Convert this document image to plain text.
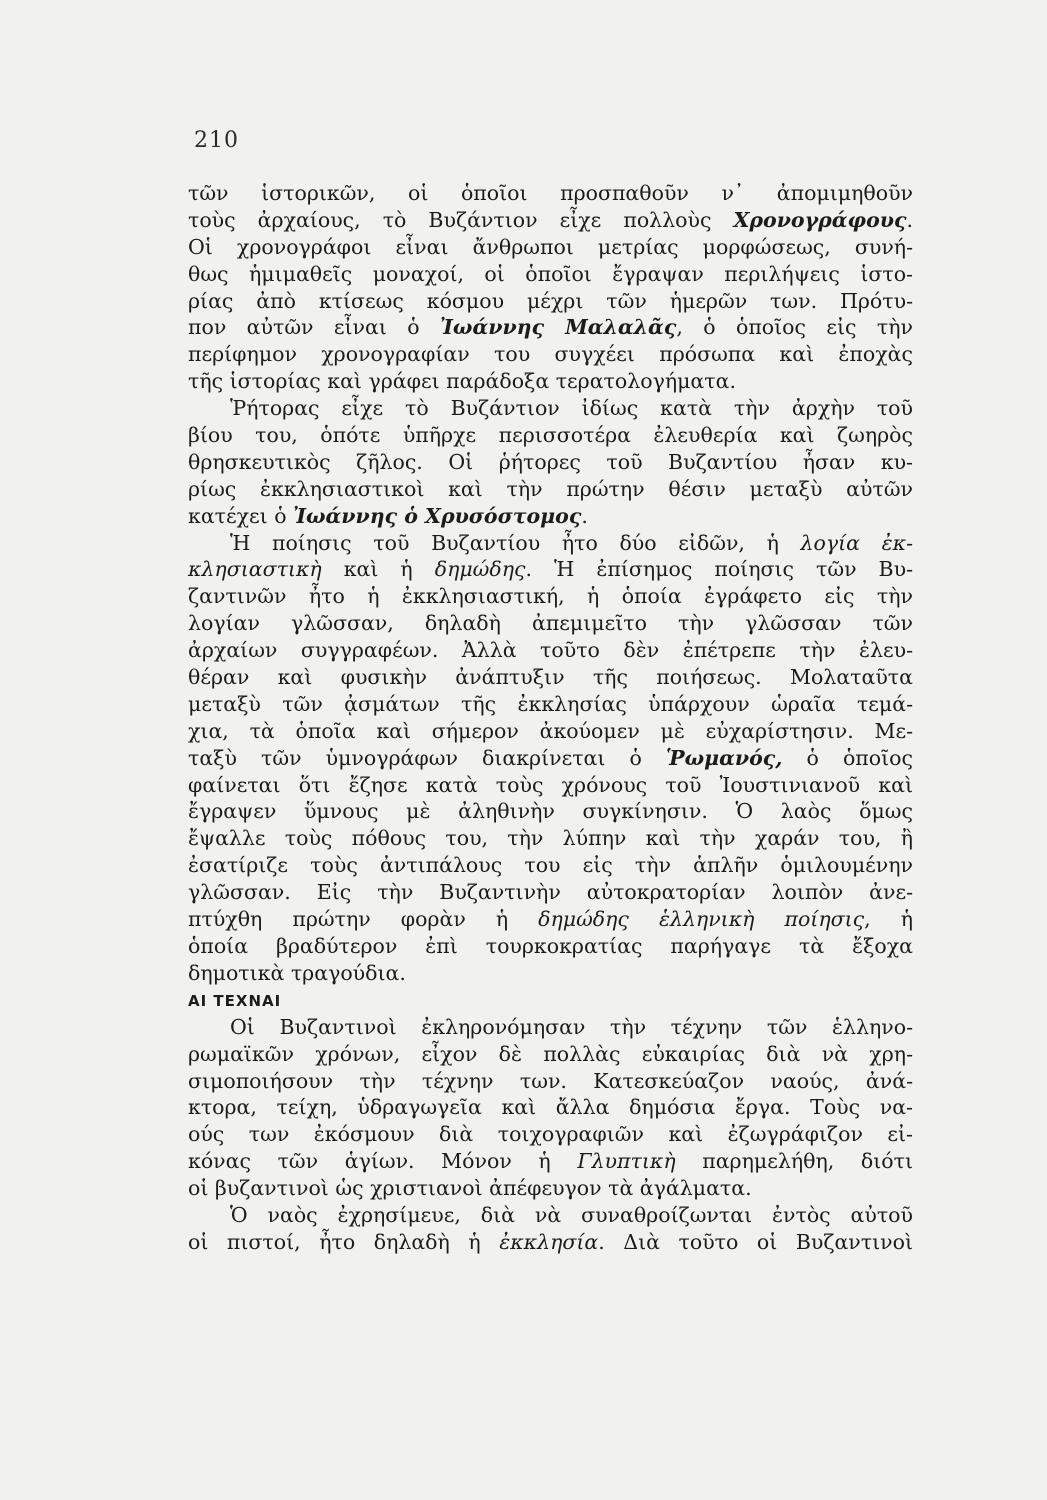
210
τῶν ἱστορικῶν, οἱ ὁποῖοι προσπαθοῦν ν᾿ ἀπομιμηθοῦν
τοὺς ἀρχαίους, τὸ Βυζάντιον εἶχε πολλοὺς Χρονογράφους.
Οἱ χρονογράφοι εἶναι ἄνθρωποι μετρίας μορφώσεως, συνή-
θως ἡμιμαθεῖς μοναχοί, οἱ ὁποῖοι ἔγραψαν περιλήψεις ἱστο-
ρίας ἀπὸ κτίσεως κόσμου μέχρι τῶν ἡμερῶν των. Πρότυ-
πον αὐτῶν εἶναι ὁ Ἰωάννης Μαλαλᾶς, ὁ ὁποῖος εἰς τὴν
περίφημον χρονογραφίαν του συγχέει πρόσωπα καὶ ἐποχὰς
τῆς ἱστορίας καὶ γράφει παράδοξα τερατολογήματα.
Ῥήτορας εἶχε τὸ Βυζάντιον ἰδίως κατὰ τὴν ἀρχὴν τοῦ
βίου του, ὁπότε ὑπῆρχε περισσοτέρα ἐλευθερία καὶ ζωηρὸς
θρησκευτικὸς ζῆλος. Οἱ ῥήτορες τοῦ Βυζαντίου ἦσαν κυ-
ρίως ἐκκλησιαστικοὶ καὶ τὴν πρώτην θέσιν μεταξὺ αὐτῶν
κατέχει ὁ Ἰωάννης ὁ Χρυσόστομος.
Ἡ ποίησις τοῦ Βυζαντίου ἦτο δύο εἰδῶν, ἡ λογία ἐκ-
κλησιαστικὴ καὶ ἡ δημώδης. Ἡ ἐπίσημος ποίησις τῶν Βυ-
ζαντινῶν ἦτο ἡ ἐκκλησιαστική, ἡ ὁποία ἐγράφετο εἰς τὴν
λογίαν γλῶσσαν, δηλαδὴ ἀπεμιμεῖτο τὴν γλῶσσαν τῶν
ἀρχαίων συγγραφέων. Ἀλλὰ τοῦτο δὲν ἐπέτρεπε τὴν ἐλευ-
θέραν καὶ φυσικὴν ἀνάπτυξιν τῆς ποιήσεως. Μολαταῦτα
μεταξὺ τῶν ᾀσμάτων τῆς ἐκκλησίας ὑπάρχουν ὡραῖα τεμά-
χια, τὰ ὁποῖα καὶ σήμερον ἀκούομεν μὲ εὐχαρίστησιν. Με-
ταξὺ τῶν ὑμνογράφων διακρίνεται ὁ Ῥωμανός, ὁ ὁποῖος
φαίνεται ὅτι ἔζησε κατὰ τοὺς χρόνους τοῦ Ἰουστινιανοῦ καὶ
ἔγραψεν ὕμνους μὲ ἀληθινὴν συγκίνησιν. Ὁ λαὸς ὅμως
ἔψαλλε τοὺς πόθους του, τὴν λύπην καὶ τὴν χαράν του, ἢ
ἐσατίριζε τοὺς ἀντιπάλους του εἰς τὴν ἁπλῆν ὁμιλουμένην
γλῶσσαν. Εἰς τὴν Βυζαντινὴν αὐτοκρατορίαν λοιπὸν ἀνε-
πτύχθη πρώτην φορὰν ἡ δημώδης ἑλληνικὴ ποίησις, ἡ
ὁποία βραδύτερον ἐπὶ τουρκοκρατίας παρήγαγε τὰ ἔξοχα
δημοτικὰ τραγούδια.
ΑΙ ΤΕΧΝΑΙ
Οἱ Βυζαντινοὶ ἐκληρονόμησαν τὴν τέχνην τῶν ἑλληνο-
ρωμαϊκῶν χρόνων, εἶχον δὲ πολλὰς εὐκαιρίας διὰ νὰ χρη-
σιμοποιήσουν τὴν τέχνην των. Κατεσκεύαζον ναούς, ἀνά-
κτορα, τείχη, ὑδραγωγεῖα καὶ ἄλλα δημόσια ἔργα. Τοὺς να-
ούς των ἐκόσμουν διὰ τοιχογραφιῶν καὶ ἐζωγράφιζον εἰ-
κόνας τῶν ἁγίων. Μόνον ἡ Γλυπτικὴ παρημελήθη, διότι
οἱ βυζαντινοὶ ὡς χριστιανοὶ ἀπέφευγον τὰ ἀγάλματα.
Ὁ ναὸς ἐχρησίμευε, διὰ νὰ συναθροίζωνται ἐντὸς αὐτοῦ
οἱ πιστοί, ἦτο δηλαδὴ ἡ ἐκκλησία. Διὰ τοῦτο οἱ Βυζαντινοὶ
